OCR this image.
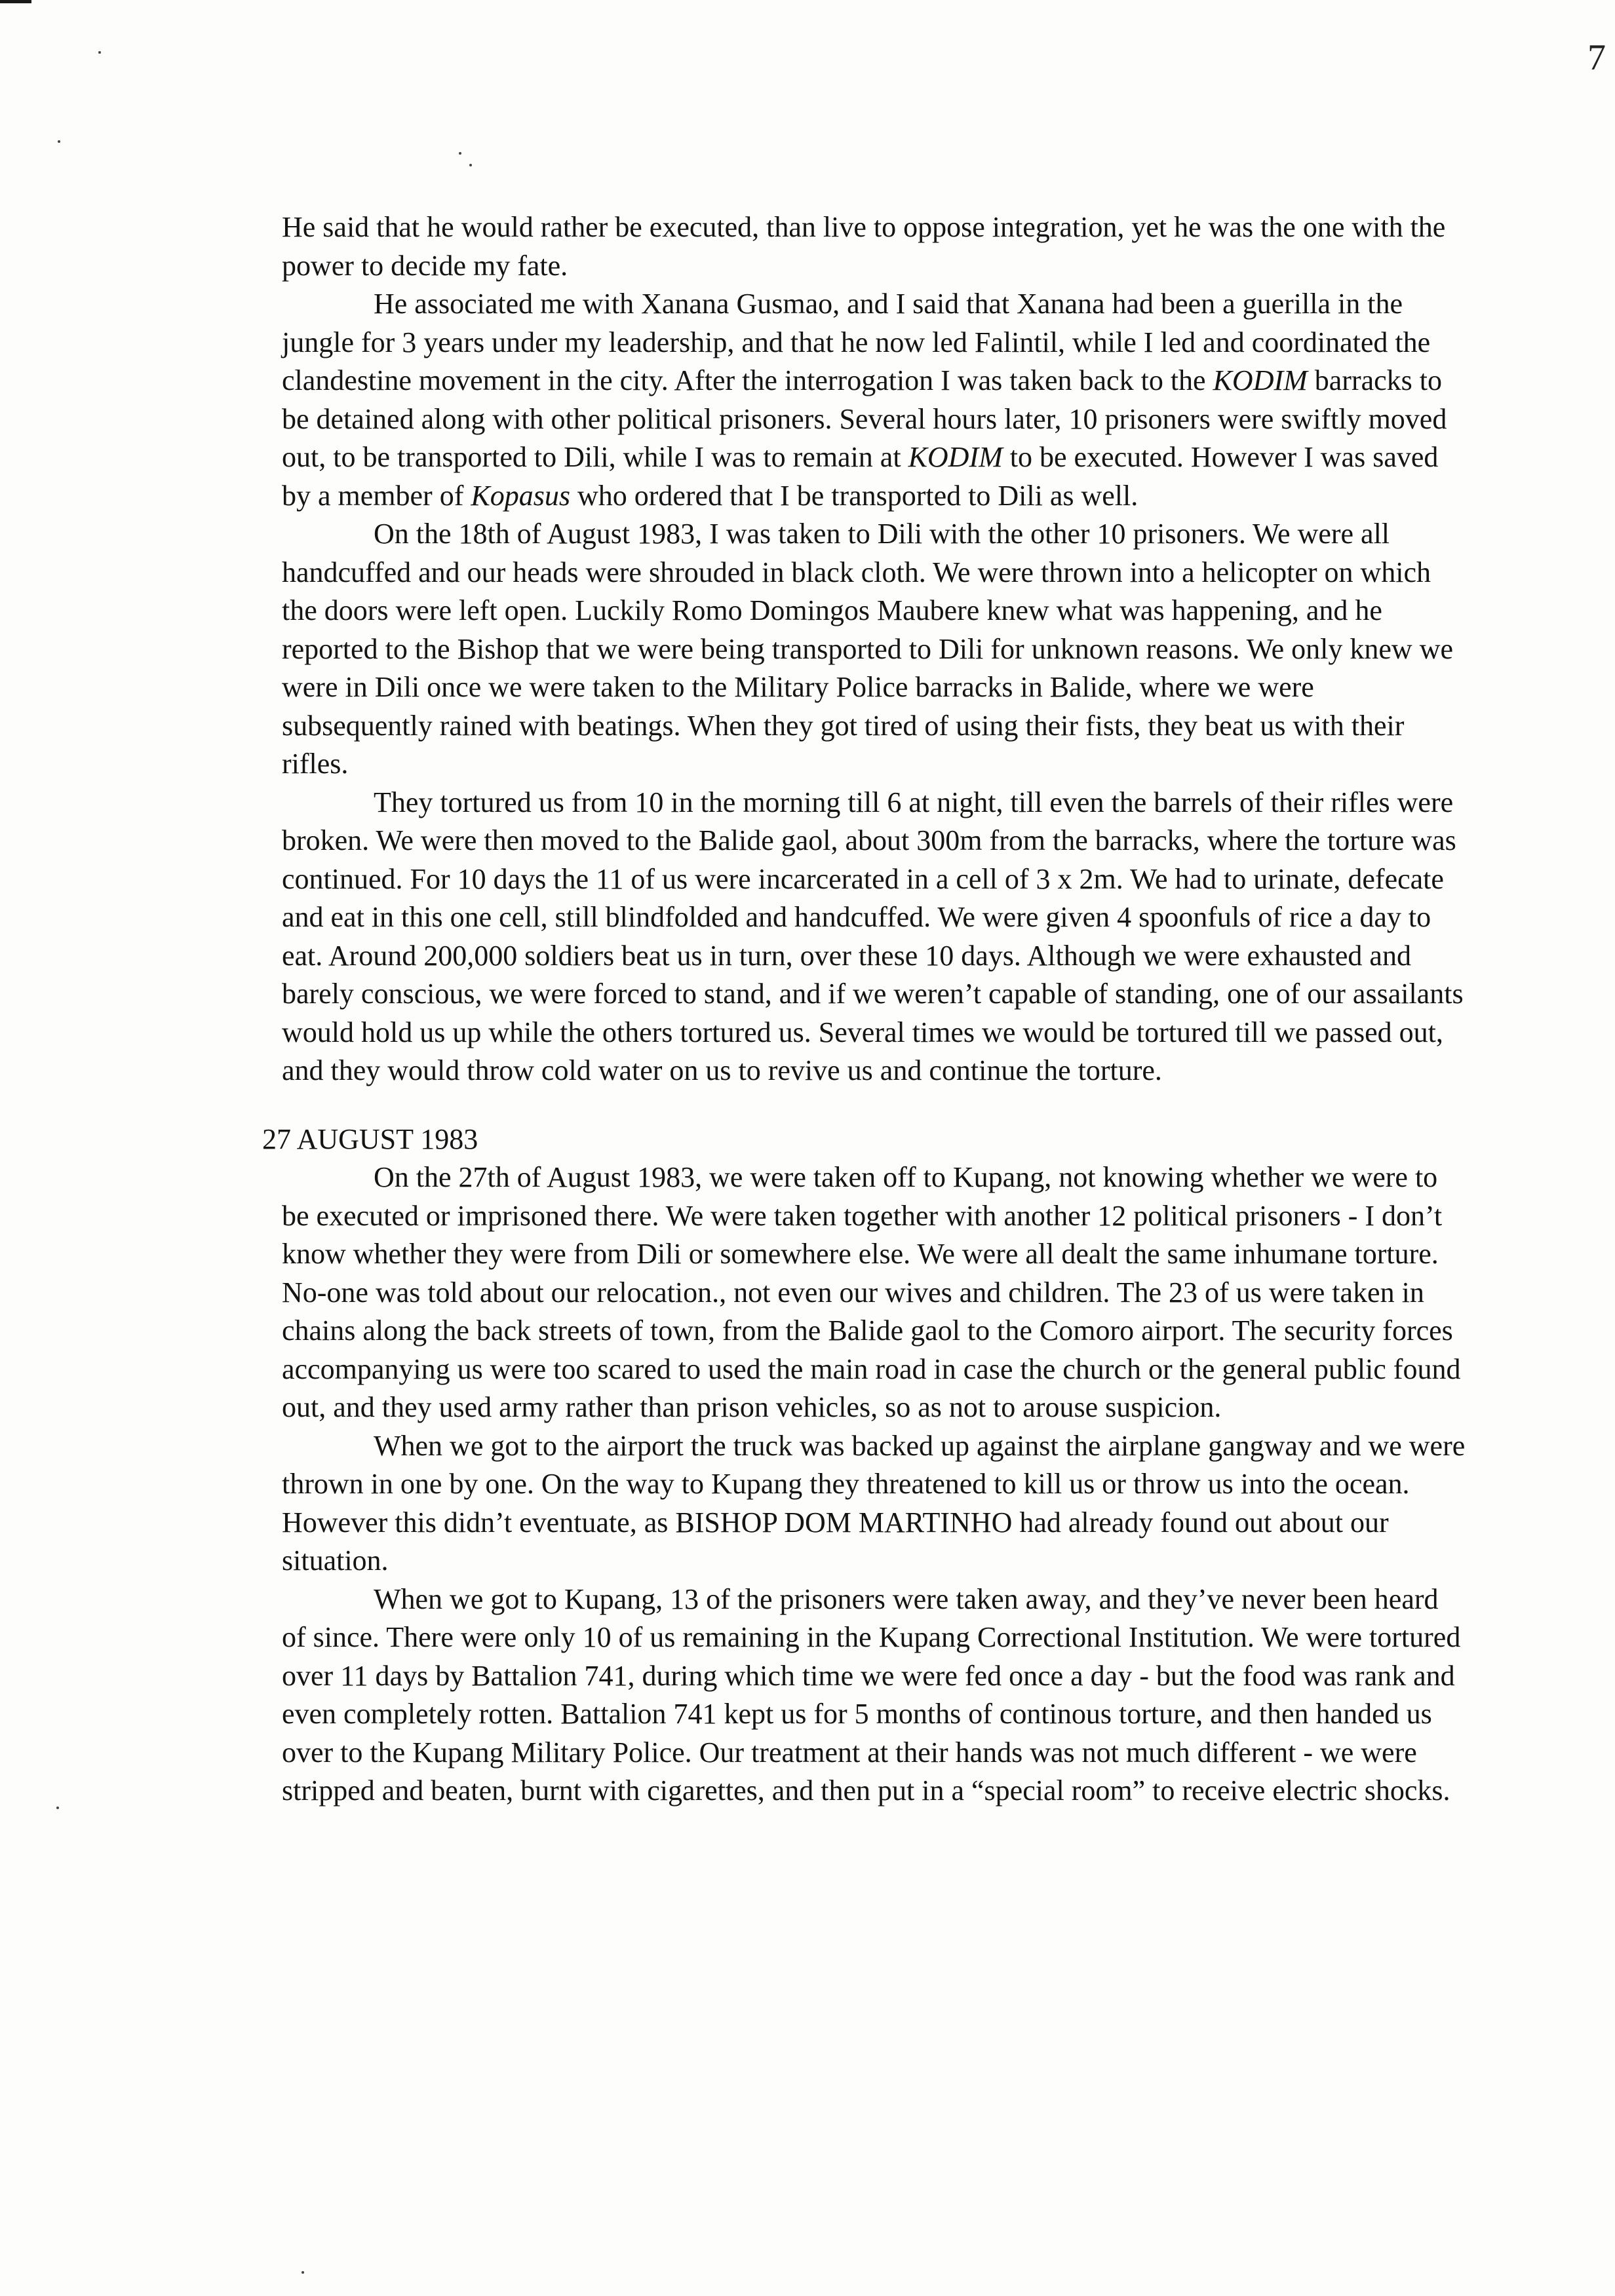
7

He said that he would rather be executed, than live to oppose integration, yet he was the one with the power to decide my fate.

He associated me with Xanana Gusmao, and I said that Xanana had been a guerilla in the jungle for 3 years under my leadership, and that he now led Falintil, while I led and coordinated the clandestine movement in the city. After the interrogation I was taken back to the KODIM barracks to be detained along with other political prisoners. Several hours later, 10 prisoners were swiftly moved out, to be transported to Dili, while I was to remain at KODIM to be executed. However I was saved by a member of Kopasus who ordered that I be transported to Dili as well.

On the 18th of August 1983, I was taken to Dili with the other 10 prisoners. We were all handcuffed and our heads were shrouded in black cloth. We were thrown into a helicopter on which the doors were left open. Luckily Romo Domingos Maubere knew what was happening, and he reported to the Bishop that we were being transported to Dili for unknown reasons. We only knew we were in Dili once we were taken to the Military Police barracks in Balide, where we were subsequently rained with beatings. When they got tired of using their fists, they beat us with their rifles.

They tortured us from 10 in the morning till 6 at night, till even the barrels of their rifles were broken. We were then moved to the Balide gaol, about 300m from the barracks, where the torture was continued. For 10 days the 11 of us were incarcerated in a cell of 3 x 2m. We had to urinate, defecate and eat in this one cell, still blindfolded and handcuffed. We were given 4 spoonfuls of rice a day to eat. Around 200,000 soldiers beat us in turn, over these 10 days. Although we were exhausted and barely conscious, we were forced to stand, and if we weren’t capable of standing, one of our assailants would hold us up while the others tortured us. Several times we would be tortured till we passed out, and they would throw cold water on us to revive us and continue the torture.

27 AUGUST 1983

On the 27th of August 1983, we were taken off to Kupang, not knowing whether we were to be executed or imprisoned there. We were taken together with another 12 political prisoners - I don’t know whether they were from Dili or somewhere else. We were all dealt the same inhumane torture. No-one was told about our relocation., not even our wives and children. The 23 of us were taken in chains along the back streets of town, from the Balide gaol to the Comoro airport. The security forces accompanying us were too scared to used the main road in case the church or the general public found out, and they used army rather than prison vehicles, so as not to arouse suspicion.

When we got to the airport the truck was backed up against the airplane gangway and we were thrown in one by one. On the way to Kupang they threatened to kill us or throw us into the ocean. However this didn’t eventuate, as BISHOP DOM MARTINHO had already found out about our situation.

When we got to Kupang, 13 of the prisoners were taken away, and they’ve never been heard of since. There were only 10 of us remaining in the Kupang Correctional Institution. We were tortured over 11 days by Battalion 741, during which time we were fed once a day - but the food was rank and even completely rotten. Battalion 741 kept us for 5 months of continous torture, and then handed us over to the Kupang Military Police. Our treatment at their hands was not much different - we were stripped and beaten, burnt with cigarettes, and then put in a “special room” to receive electric shocks.
